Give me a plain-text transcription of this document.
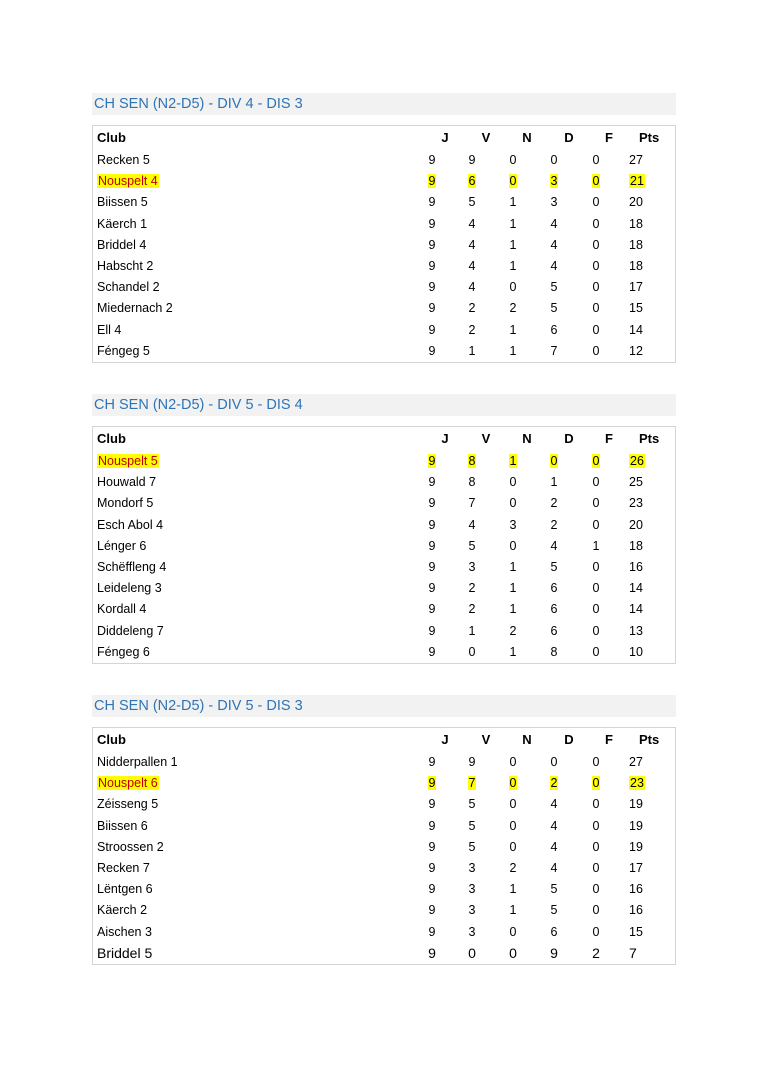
CH SEN (N2-D5) - DIV 4 - DIS 3
Club	J	V	N	D	F	Pts
Recken 5	9	9	0	0	0	27
Nouspelt 4	9	6	0	3	0	21
Biissen 5	9	5	1	3	0	20
Käerch 1	9	4	1	4	0	18
Briddel 4	9	4	1	4	0	18
Habscht 2	9	4	1	4	0	18
Schandel 2	9	4	0	5	0	17
Miedernach 2	9	2	2	5	0	15
Ell 4	9	2	1	6	0	14
Féngeg 5	9	1	1	7	0	12
CH SEN (N2-D5) - DIV 5 - DIS 4
Club	J	V	N	D	F	Pts
Nouspelt 5	9	8	1	0	0	26
Houwald 7	9	8	0	1	0	25
Mondorf 5	9	7	0	2	0	23
Esch Abol 4	9	4	3	2	0	20
Lénger 6	9	5	0	4	1	18
Schëffleng 4	9	3	1	5	0	16
Leideleng 3	9	2	1	6	0	14
Kordall 4	9	2	1	6	0	14
Diddeleng 7	9	1	2	6	0	13
Féngeg 6	9	0	1	8	0	10
CH SEN (N2-D5) - DIV 5 - DIS 3
Club	J	V	N	D	F	Pts
Nidderpallen 1	9	9	0	0	0	27
Nouspelt 6	9	7	0	2	0	23
Zéisseng 5	9	5	0	4	0	19
Biissen 6	9	5	0	4	0	19
Stroossen 2	9	5	0	4	0	19
Recken 7	9	3	2	4	0	17
Lëntgen 6	9	3	1	5	0	16
Käerch 2	9	3	1	5	0	16
Aischen 3	9	3	0	6	0	15
Briddel 5	9	0	0	9	2	7
